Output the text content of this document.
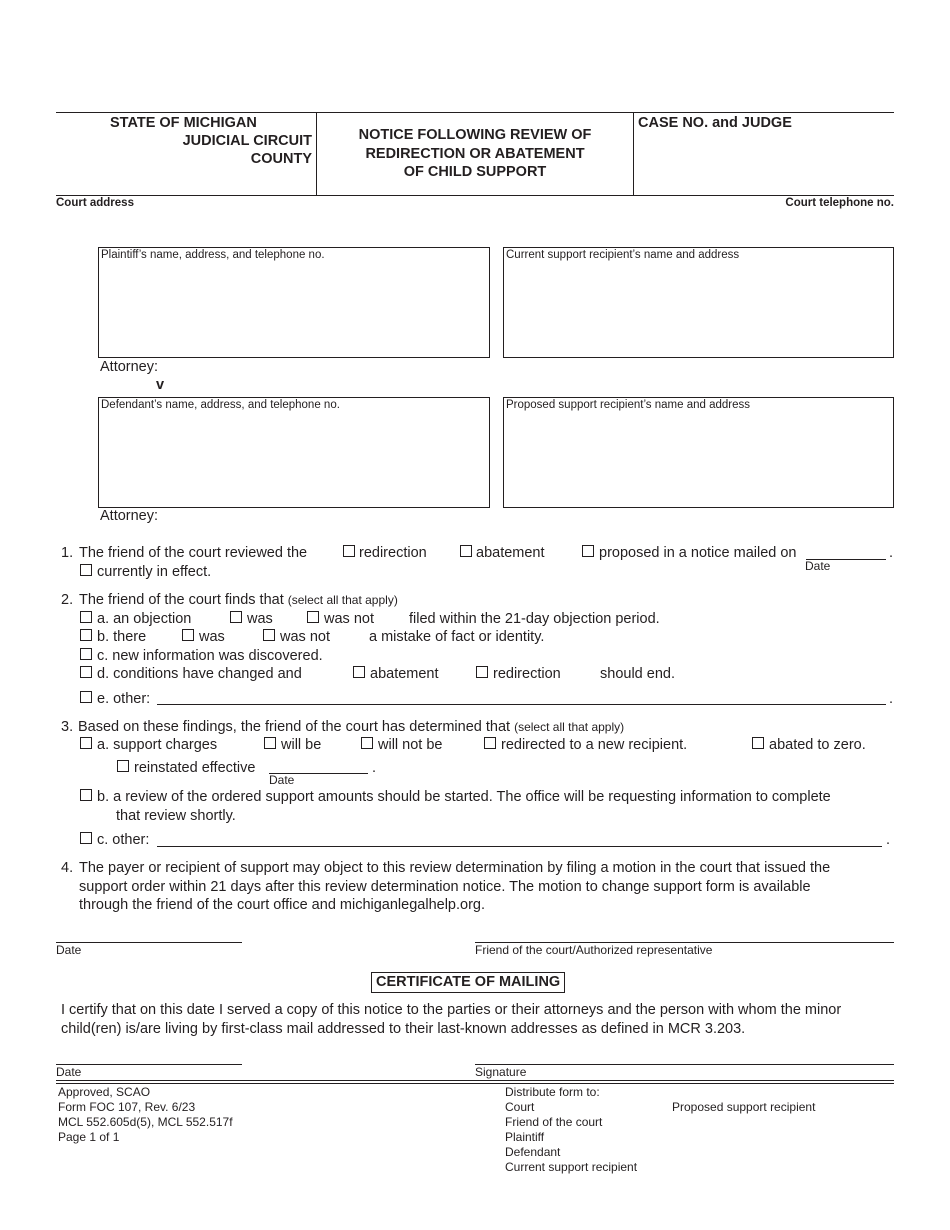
STATE OF MICHIGAN
JUDICIAL CIRCUIT
COUNTY
NOTICE FOLLOWING REVIEW OF
REDIRECTION OR ABATEMENT
OF CHILD SUPPORT
CASE NO. and JUDGE
Court address	Court telephone no.
Plaintiff’s name, address, and telephone no.	Current support recipient’s name and address
Attorney:
v
Defendant’s name, address, and telephone no.	Proposed support recipient’s name and address
Attorney:
1. The friend of the court reviewed the	redirection	abatement	proposed in a notice mailed on	.
Date
currently in effect.
2. The friend of the court finds that (select all that apply)
a. an objection	was	was not filed within the 21-day objection period.
b. there	was	was not	a mistake of fact or identity.
c. new information was discovered.
d. conditions have changed and	abatement	redirection	should end.
e. other:	.
3. Based on these findings, the friend of the court has determined that (select all that apply)
a. support charges	will be	will not be	redirected to a new recipient.	abated to zero.
reinstated effective	.
Date
b. a review of the ordered support amounts should be started. The office will be requesting information to complete
that review shortly.
c. other:	.
4. The payer or recipient of support may object to this review determination by filing a motion in the court that issued the
support order within 21 days after this review determination notice. The motion to change support form is available
through the friend of the court office and michiganlegalhelp.org.
Date	Friend of the court/Authorized representative
CERTIFICATE OF MAILING
I certify that on this date I served a copy of this notice to the parties or their attorneys and the person with whom the minor
child(ren) is/are living by first-class mail addressed to their last-known addresses as defined in MCR 3.203.
Date	Signature
Approved, SCAO
Form FOC 107, Rev. 6/23
MCL 552.605d(5), MCL 552.517f
Page 1 of 1
Distribute form to:
Court
Friend of the court
Plaintiff
Defendant
Current support recipient
Proposed support recipient
